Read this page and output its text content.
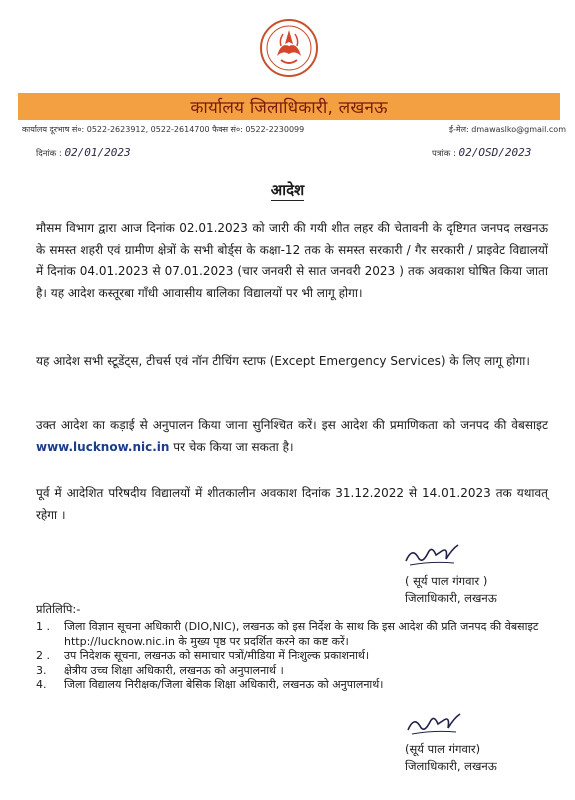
कार्यालय जिलाधिकारी, लखनऊ
कार्यालय दूरभाष सं०: 0522-2623912, 0522-2614700 फैक्स सं०: 0522-2230099	ई-मेल: dmawaslko@gmail.com
दिनांक : 02/01/2023	पत्रांक : 02/OSD/2023
आदेश
मौसम विभाग द्वारा आज दिनांक 02.01.2023 को जारी की गयी शीत लहर की चेतावनी के दृष्टिगत जनपद लखनऊ के समस्त शहरी एवं ग्रामीण क्षेत्रों के सभी बोर्ड्स के कक्षा-12 तक के समस्त सरकारी / गैर सरकारी / प्राइवेट विद्यालयों में दिनांक 04.01.2023 से 07.01.2023 (चार जनवरी से सात जनवरी 2023 ) तक अवकाश घोषित किया जाता है। यह आदेश कस्तूरबा गाँधी आवासीय बालिका विद्यालयों पर भी लागू होगा।
यह आदेश सभी स्टूडेंट्स, टीचर्स एवं नॉन टीचिंग स्टाफ (Except Emergency Services) के लिए लागू होगा।
उक्त आदेश का कड़ाई से अनुपालन किया जाना सुनिश्चित करें। इस आदेश की प्रमाणिकता को जनपद की वेबसाइट www.lucknow.nic.in पर चेक किया जा सकता है।
पूर्व में आदेशित परिषदीय विद्यालयों में शीतकालीन अवकाश दिनांक 31.12.2022 से 14.01.2023 तक यथावत् रहेगा ।
( सूर्य पाल गंगवार )
जिलाधिकारी, लखनऊ
प्रतिलिपि:-
1 .	जिला विज्ञान सूचना अधिकारी (DIO,NIC), लखनऊ को इस निर्देश के साथ कि इस आदेश की प्रति जनपद की वेबसाइट http://lucknow.nic.in के मुख्य पृष्ठ पर प्रदर्शित करने का कष्ट करें।
2 .	उप निदेशक सूचना, लखनऊ को समाचार पत्रों/मीडिया में निःशुल्क प्रकाशनार्थ।
3.	क्षेत्रीय उच्च शिक्षा अधिकारी, लखनऊ को अनुपालनार्थ ।
4.	जिला विद्यालय निरीक्षक/जिला बेसिक शिक्षा अधिकारी, लखनऊ को अनुपालनार्थ।
(सूर्य पाल गंगवार)
जिलाधिकारी, लखनऊ
